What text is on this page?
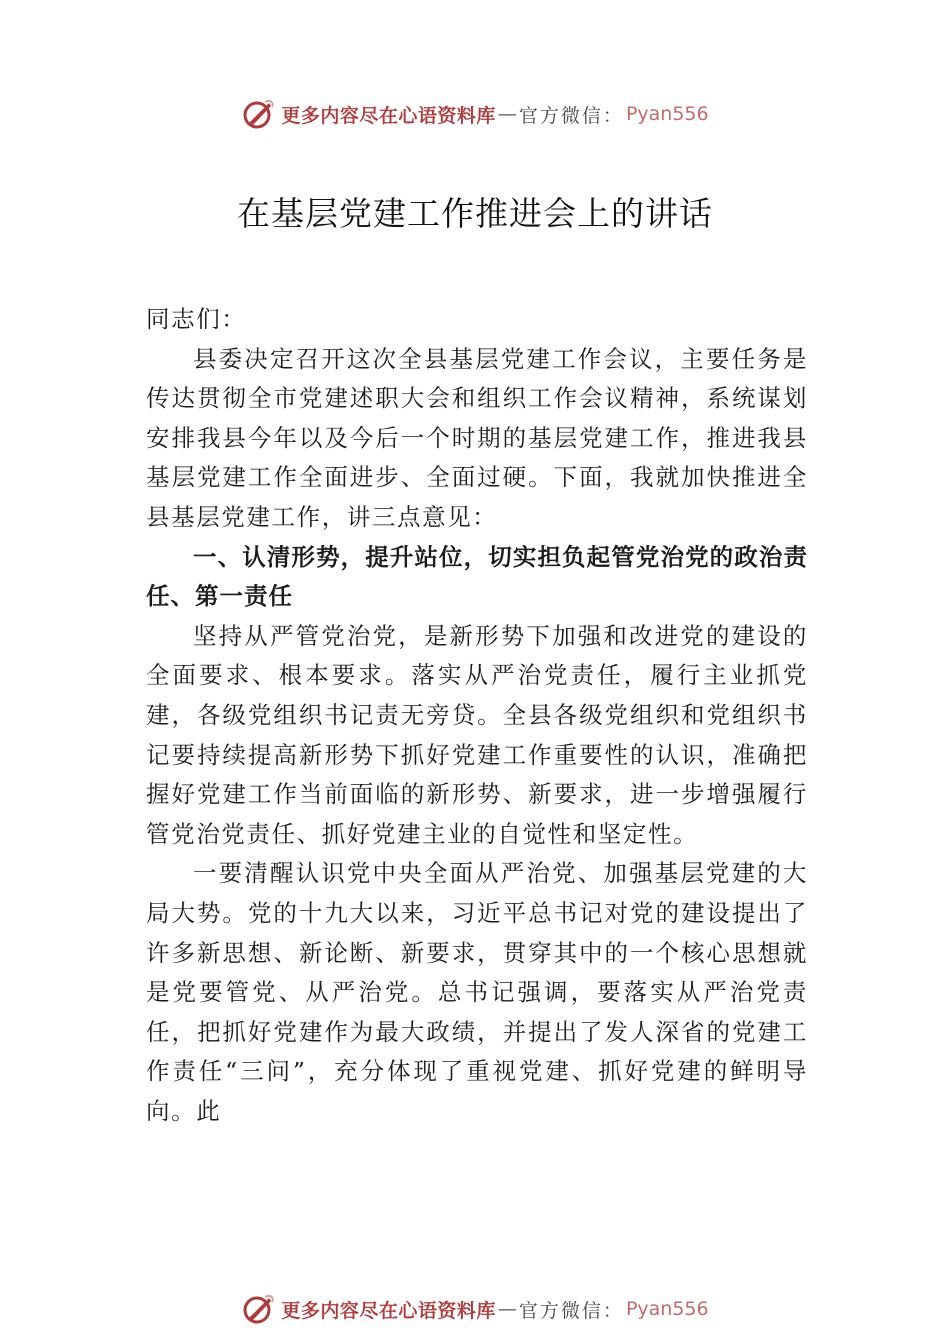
更多内容尽在心语资料库 — 官方微信： Pyan556
在基层党建工作推进会上的讲话

同志们：

县委决定召开这次全县基层党建工作会议，主要任务是传达贯彻全市党建述职大会和组织工作会议精神，系统谋划安排我县今年以及今后一个时期的基层党建工作，推进我县基层党建工作全面进步、全面过硬。下面，我就加快推进全县基层党建工作，讲三点意见：

一、认清形势，提升站位，切实担负起管党治党的政治责任、第一责任

坚持从严管党治党，是新形势下加强和改进党的建设的全面要求、根本要求。落实从严治党责任，履行主业抓党建，各级党组织书记责无旁贷。全县各级党组织和党组织书记要持续提高新形势下抓好党建工作重要性的认识，准确把握好党建工作当前面临的新形势、新要求，进一步增强履行管党治党责任、抓好党建主业的自觉性和坚定性。

一要清醒认识党中央全面从严治党、加强基层党建的大局大势。党的十九大以来，习近平总书记对党的建设提出了许多新思想、新论断、新要求，贯穿其中的一个核心思想就是党要管党、从严治党。总书记强调，要落实从严治党责任，把抓好党建作为最大政绩，并提出了发人深省的党建工作责任“三问”，充分体现了重视党建、抓好党建的鲜明导向。此

更多内容尽在心语资料库 — 官方微信： Pyan556
